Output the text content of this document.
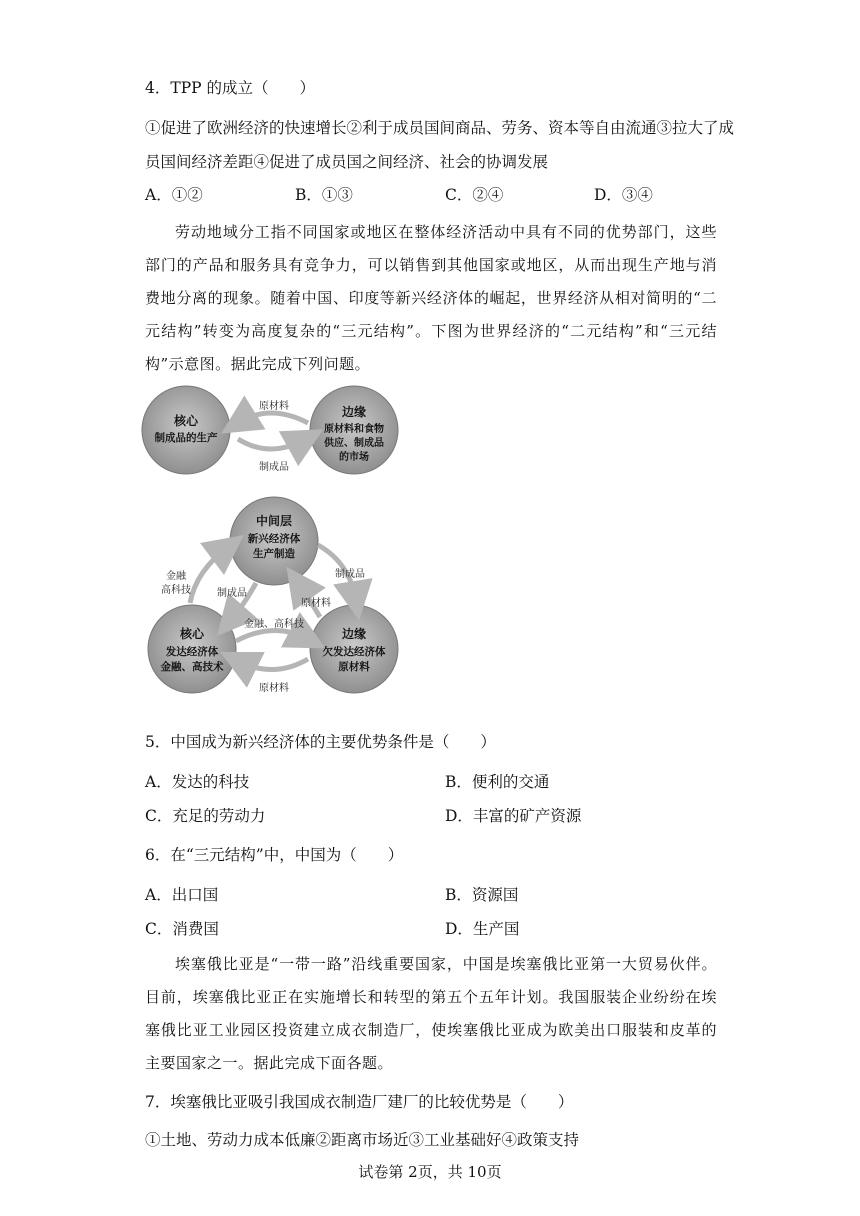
4．TPP 的成立（　　）
①促进了欧洲经济的快速增长②利于成员国间商品、劳务、资本等自由流通③拉大了成
员国间经济差距④促进了成员国之间经济、社会的协调发展
A．①②	B．①③	C．②④	D．③④
劳动地域分工指不同国家或地区在整体经济活动中具有不同的优势部门，这些部门的产品和服务具有竞争力，可以销售到其他国家或地区，从而出现生产地与消费地分离的现象。随着中国、印度等新兴经济体的崛起，世界经济从相对简明的“二元结构”转变为高度复杂的“三元结构”。下图为世界经济的“二元结构”和“三元结构”示意图。据此完成下列问题。
原材料
制成品
核心
制成品的生产
边缘
原材料和食物
供应、制成品
的市场
金融
高科技	制成品
制成品
原材料
金融、高科技
原材料
中间层
新兴经济体
生产制造
核心
发达经济体
金融、高技术
边缘
欠发达经济体
原材料
5．中国成为新兴经济体的主要优势条件是（　　）
A．发达的科技	B．便利的交通
C．充足的劳动力	D．丰富的矿产资源
6．在“三元结构”中，中国为（　　）
A．出口国	B．资源国
C．消费国	D．生产国
埃塞俄比亚是“一带一路”沿线重要国家，中国是埃塞俄比亚第一大贸易伙伴。目前，埃塞俄比亚正在实施增长和转型的第五个五年计划。我国服装企业纷纷在埃塞俄比亚工业园区投资建立成衣制造厂，使埃塞俄比亚成为欧美出口服装和皮革的主要国家之一。据此完成下面各题。
7．埃塞俄比亚吸引我国成衣制造厂建厂的比较优势是（　　）
①土地、劳动力成本低廉②距离市场近③工业基础好④政策支持
试卷第 2页，共 10页
